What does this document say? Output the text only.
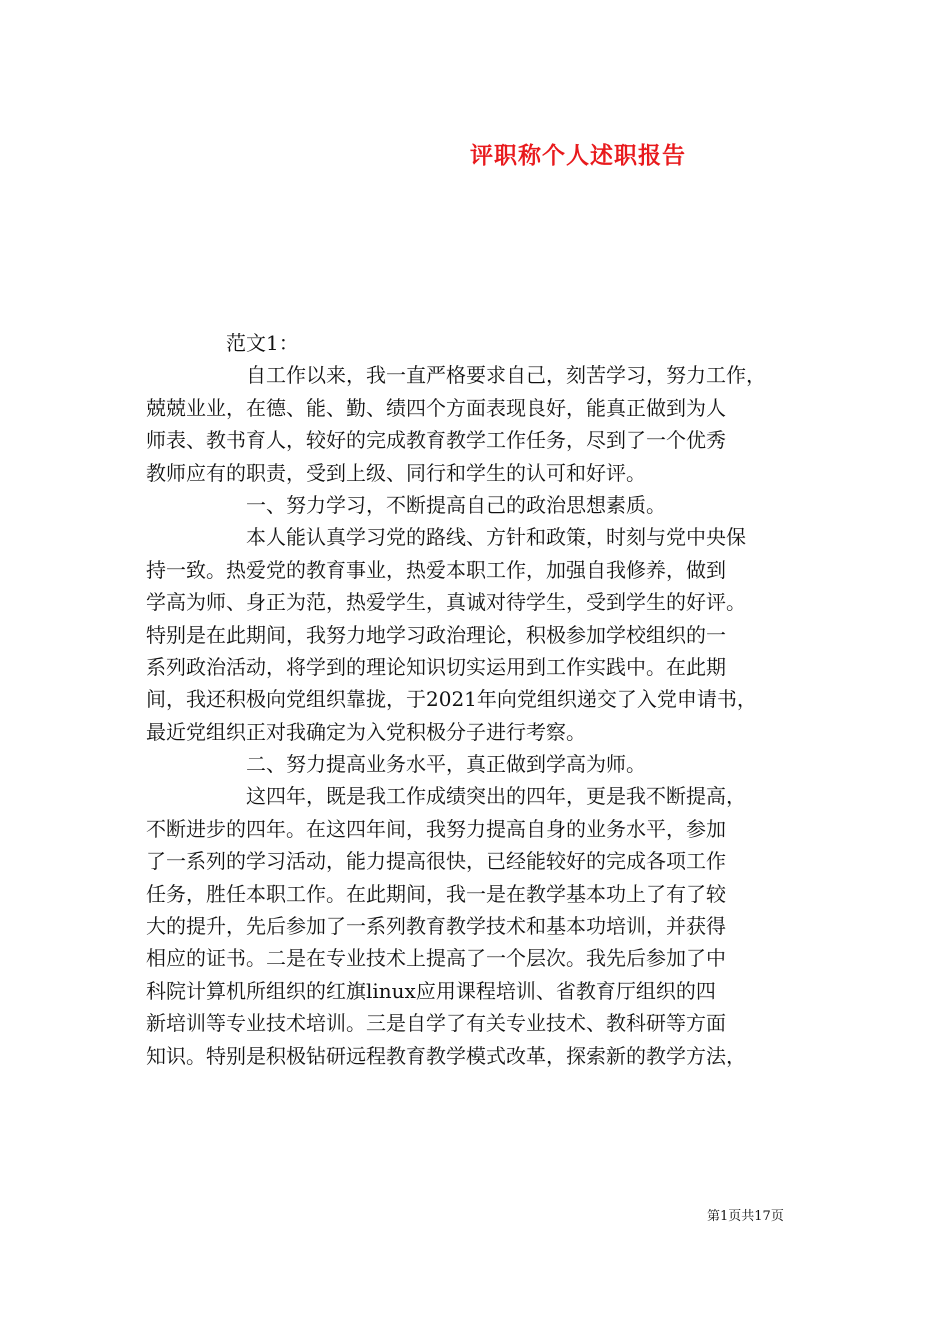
评职称个人述职报告
范文1：
自工作以来，我一直严格要求自己，刻苦学习，努力工作，
兢兢业业，在德、能、勤、绩四个方面表现良好，能真正做到为人
师表、教书育人，较好的完成教育教学工作任务，尽到了一个优秀
教师应有的职责，受到上级、同行和学生的认可和好评。
一、努力学习，不断提高自己的政治思想素质。
本人能认真学习党的路线、方针和政策，时刻与党中央保
持一致。热爱党的教育事业，热爱本职工作，加强自我修养，做到
学高为师、身正为范，热爱学生，真诚对待学生，受到学生的好评。
特别是在此期间，我努力地学习政治理论，积极参加学校组织的一
系列政治活动，将学到的理论知识切实运用到工作实践中。在此期
间，我还积极向党组织靠拢，于2021年向党组织递交了入党申请书，
最近党组织正对我确定为入党积极分子进行考察。
二、努力提高业务水平，真正做到学高为师。
这四年，既是我工作成绩突出的四年，更是我不断提高，
不断进步的四年。在这四年间，我努力提高自身的业务水平，参加
了一系列的学习活动，能力提高很快，已经能较好的完成各项工作
任务，胜任本职工作。在此期间，我一是在教学基本功上了有了较
大的提升，先后参加了一系列教育教学技术和基本功培训，并获得
相应的证书。二是在专业技术上提高了一个层次。我先后参加了中
科院计算机所组织的红旗linux应用课程培训、省教育厅组织的四
新培训等专业技术培训。三是自学了有关专业技术、教科研等方面
知识。特别是积极钻研远程教育教学模式改革，探索新的教学方法，
第1页共17页
